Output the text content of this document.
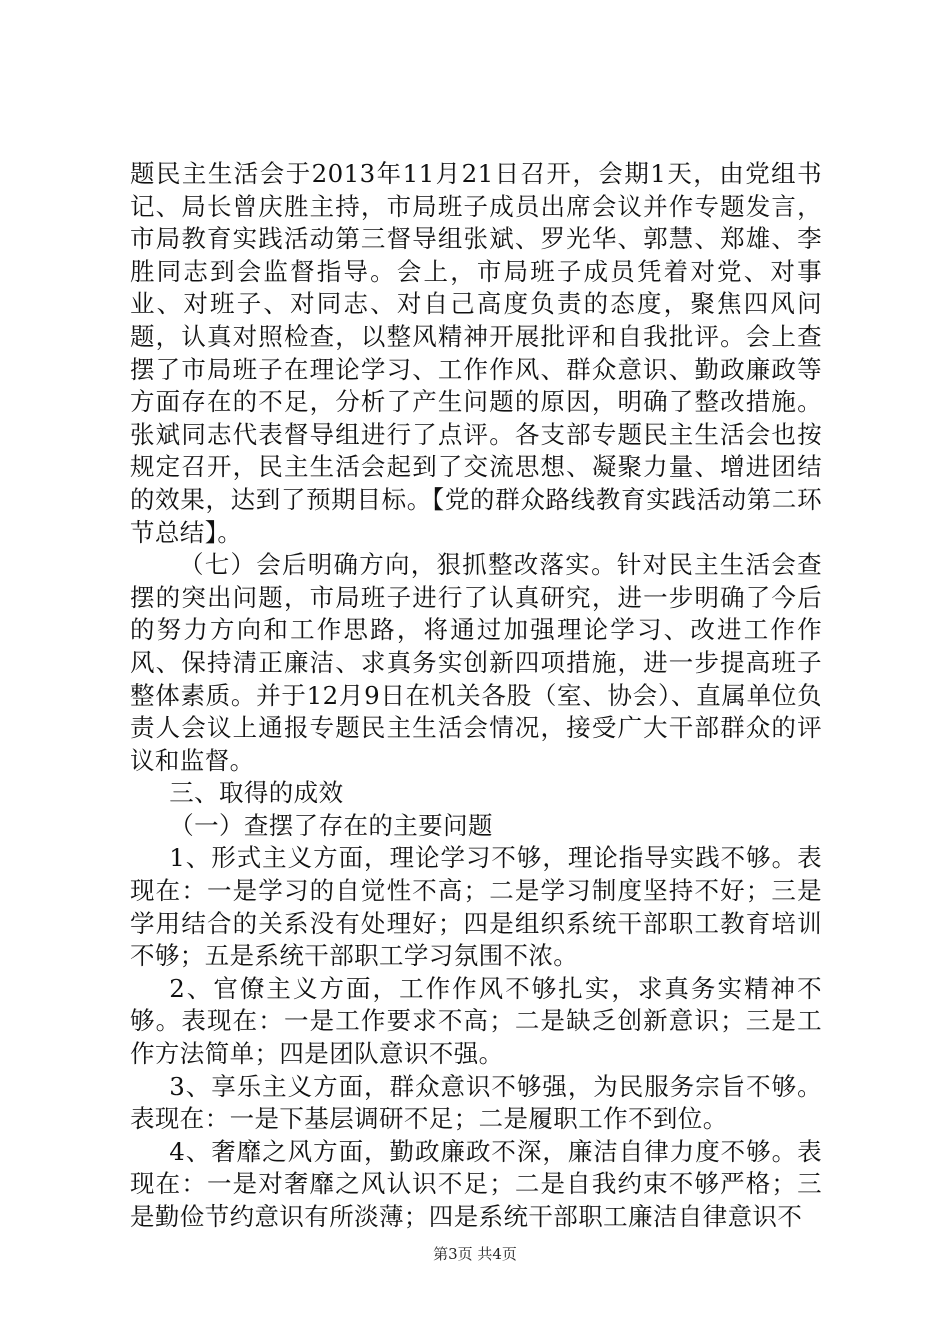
题民主生活会于2013年11月21日召开，会期1天，由党组书记、局长曾庆胜主持，市局班子成员出席会议并作专题发言，市局教育实践活动第三督导组张斌、罗光华、郭慧、郑雄、李胜同志到会监督指导。会上，市局班子成员凭着对党、对事业、对班子、对同志、对自己高度负责的态度，聚焦四风问题，认真对照检查，以整风精神开展批评和自我批评。会上查摆了市局班子在理论学习、工作作风、群众意识、勤政廉政等方面存在的不足，分析了产生问题的原因，明确了整改措施。张斌同志代表督导组进行了点评。各支部专题民主生活会也按规定召开，民主生活会起到了交流思想、凝聚力量、增进团结的效果，达到了预期目标。【党的群众路线教育实践活动第二环节总结】。

（七）会后明确方向，狠抓整改落实。针对民主生活会查摆的突出问题，市局班子进行了认真研究，进一步明确了今后的努力方向和工作思路，将通过加强理论学习、改进工作作风、保持清正廉洁、求真务实创新四项措施，进一步提高班子整体素质。并于12月9日在机关各股（室、协会）、直属单位负责人会议上通报专题民主生活会情况，接受广大干部群众的评议和监督。

三、取得的成效

（一）查摆了存在的主要问题

1、形式主义方面，理论学习不够，理论指导实践不够。表现在：一是学习的自觉性不高；二是学习制度坚持不好；三是学用结合的关系没有处理好；四是组织系统干部职工教育培训不够；五是系统干部职工学习氛围不浓。

2、官僚主义方面，工作作风不够扎实，求真务实精神不够。表现在：一是工作要求不高；二是缺乏创新意识；三是工作方法简单；四是团队意识不强。

3、享乐主义方面，群众意识不够强，为民服务宗旨不够。表现在：一是下基层调研不足；二是履职工作不到位。

4、奢靡之风方面，勤政廉政不深，廉洁自律力度不够。表现在：一是对奢靡之风认识不足；二是自我约束不够严格；三是勤俭节约意识有所淡薄；四是系统干部职工廉洁自律意识不

第3页 共4页
